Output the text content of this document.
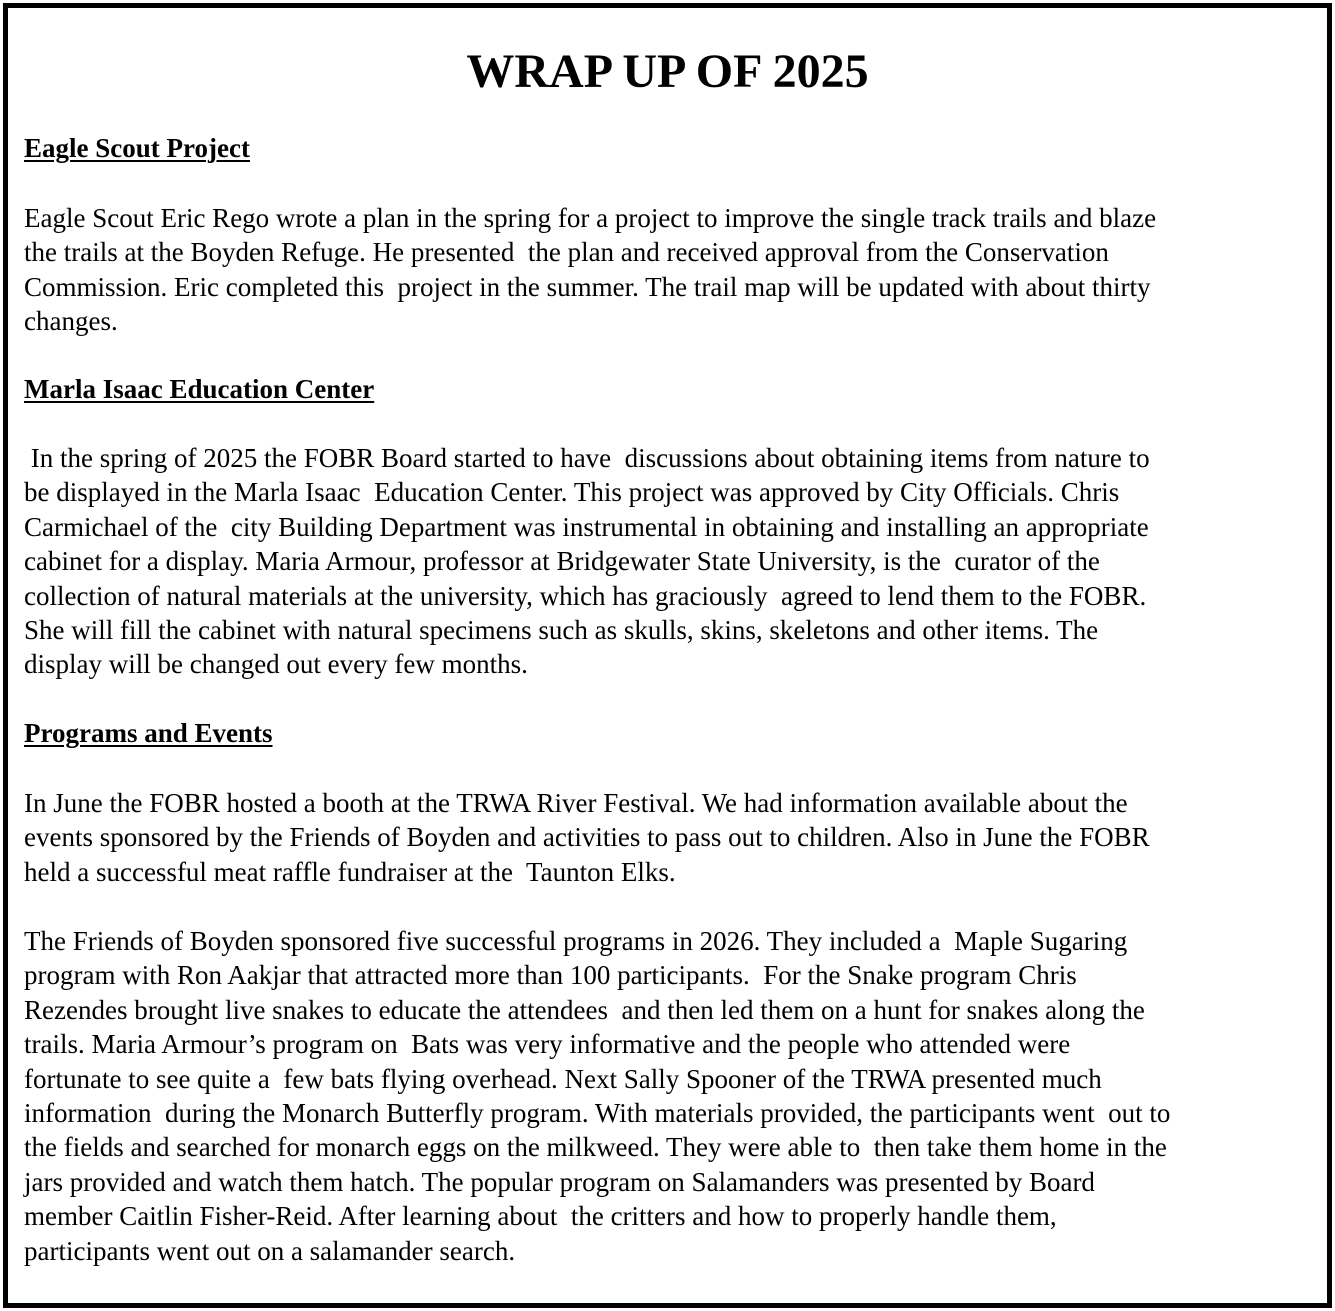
WRAP UP OF 2025
Eagle Scout Project

Eagle Scout Eric Rego wrote a plan in the spring for a project to improve the single track trails and blaze
the trails at the Boyden Refuge. He presented  the plan and received approval from the Conservation
Commission. Eric completed this  project in the summer. The trail map will be updated with about thirty
changes.

Marla Isaac Education Center

In the spring of 2025 the FOBR Board started to have  discussions about obtaining items from nature to
be displayed in the Marla Isaac  Education Center. This project was approved by City Officials. Chris
Carmichael of the  city Building Department was instrumental in obtaining and installing an appropriate
cabinet for a display. Maria Armour, professor at Bridgewater State University, is the  curator of the
collection of natural materials at the university, which has graciously  agreed to lend them to the FOBR.
She will fill the cabinet with natural specimens such as skulls, skins, skeletons and other items. The
display will be changed out every few months.

Programs and Events

In June the FOBR hosted a booth at the TRWA River Festival. We had information available about the
events sponsored by the Friends of Boyden and activities to pass out to children. Also in June the FOBR
held a successful meat raffle fundraiser at the  Taunton Elks.

The Friends of Boyden sponsored five successful programs in 2026. They included a  Maple Sugaring
program with Ron Aakjar that attracted more than 100 participants.  For the Snake program Chris
Rezendes brought live snakes to educate the attendees  and then led them on a hunt for snakes along the
trails. Maria Armour’s program on  Bats was very informative and the people who attended were
fortunate to see quite a  few bats flying overhead. Next Sally Spooner of the TRWA presented much
information  during the Monarch Butterfly program. With materials provided, the participants went  out to
the fields and searched for monarch eggs on the milkweed. They were able to  then take them home in the
jars provided and watch them hatch. The popular program on Salamanders was presented by Board
member Caitlin Fisher-Reid. After learning about  the critters and how to properly handle them,
participants went out on a salamander search.
